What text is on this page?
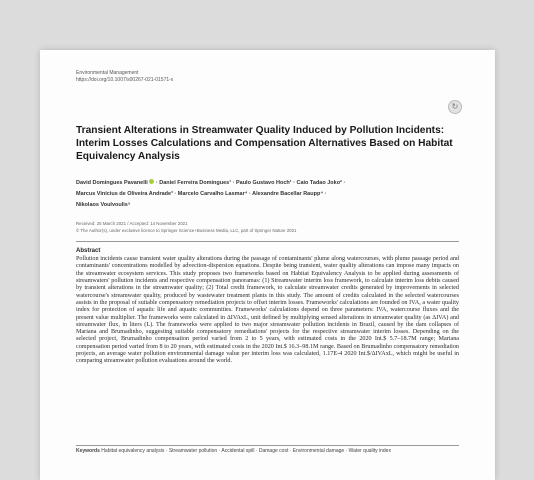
Environmental Management
https://doi.org/10.1007/s00267-021-01571-x
↻
Transient Alterations in Streamwater Quality Induced by Pollution Incidents: Interim Losses Calculations and Compensation Alternatives Based on Habitat Equivalency Analysis
David Domingues Pavanelli  · Daniel Ferreira Domingues¹ · Paulo Gustavo Hoch¹ · Caio Tadao Joko² ·
Marcus Vinícius de Oliveira Andrade³ · Marcelo Carvalho Lasmar⁴ · Alexandre Bacellar Raupp⁴ ·
Nikolaos Voulvoulis⁵
Received: 25 March 2021 / Accepted: 14 November 2021
© The Author(s), under exclusive licence to Springer Science+Business Media, LLC, part of Springer Nature 2021
Abstract
Pollution incidents cause transient water quality alterations during the passage of contaminants' plume along watercourses, with plume passage period and contaminants' concentrations modelled by advection-dispersion equations. Despite being transient, water quality alterations can impose many impacts on the streamwater ecosystem services. This study proposes two frameworks based on Habitat Equivalency Analysis to be applied during assessments of streamwaters' pollution incidents and respective compensation panoramas: (1) Streamwater interim loss framework, to calculate interim loss debits caused by transient alterations in the streamwater quality; (2) Total credit framework, to calculate streamwater credits generated by improvements in selected watercourse's streamwater quality, produced by wastewater treatment plants in this study. The amount of credits calculated in the selected watercourses assists in the proposal of suitable compensatory remediation projects to offset interim losses. Frameworks' calculations are founded on IVA, a water quality index for protection of aquatic life and aquatic communities. Frameworks' calculations depend on three parameters: IVA, watercourse fluxes and the present value multiplier. The frameworks were calculated in ΔIVAxL, unit defined by multiplying sensed alterations in streamwater quality (as ΔIVA) and streamwater flux, in liters (L). The frameworks were applied to two major streamwater pollution incidents in Brazil, caused by the dam collapses of Mariana and Brumadinho, suggesting suitable compensatory remediations' projects for the respective streamwater interim losses. Depending on the selected project, Brumadinho compensation period varied from 2 to 5 years, with estimated costs in the 2020 Int.$ 5.7–18.7M range; Mariana compensation period varied from 8 to 20 years, with estimated costs in the 2020 Int.$ 16.3–98.1M range. Based on Brumadinho compensatory remediation projects, an average water pollution environmental damage value per interim loss was calculated, 1.17E-4 2020 Int.$/ΔIVAxL, which might be useful in comparing streamwater pollution evaluations around the world.
Keywords Habitat equivalency analysis · Streamwater pollution · Accidental spill · Damage cost · Environmental damage · Water quality index
